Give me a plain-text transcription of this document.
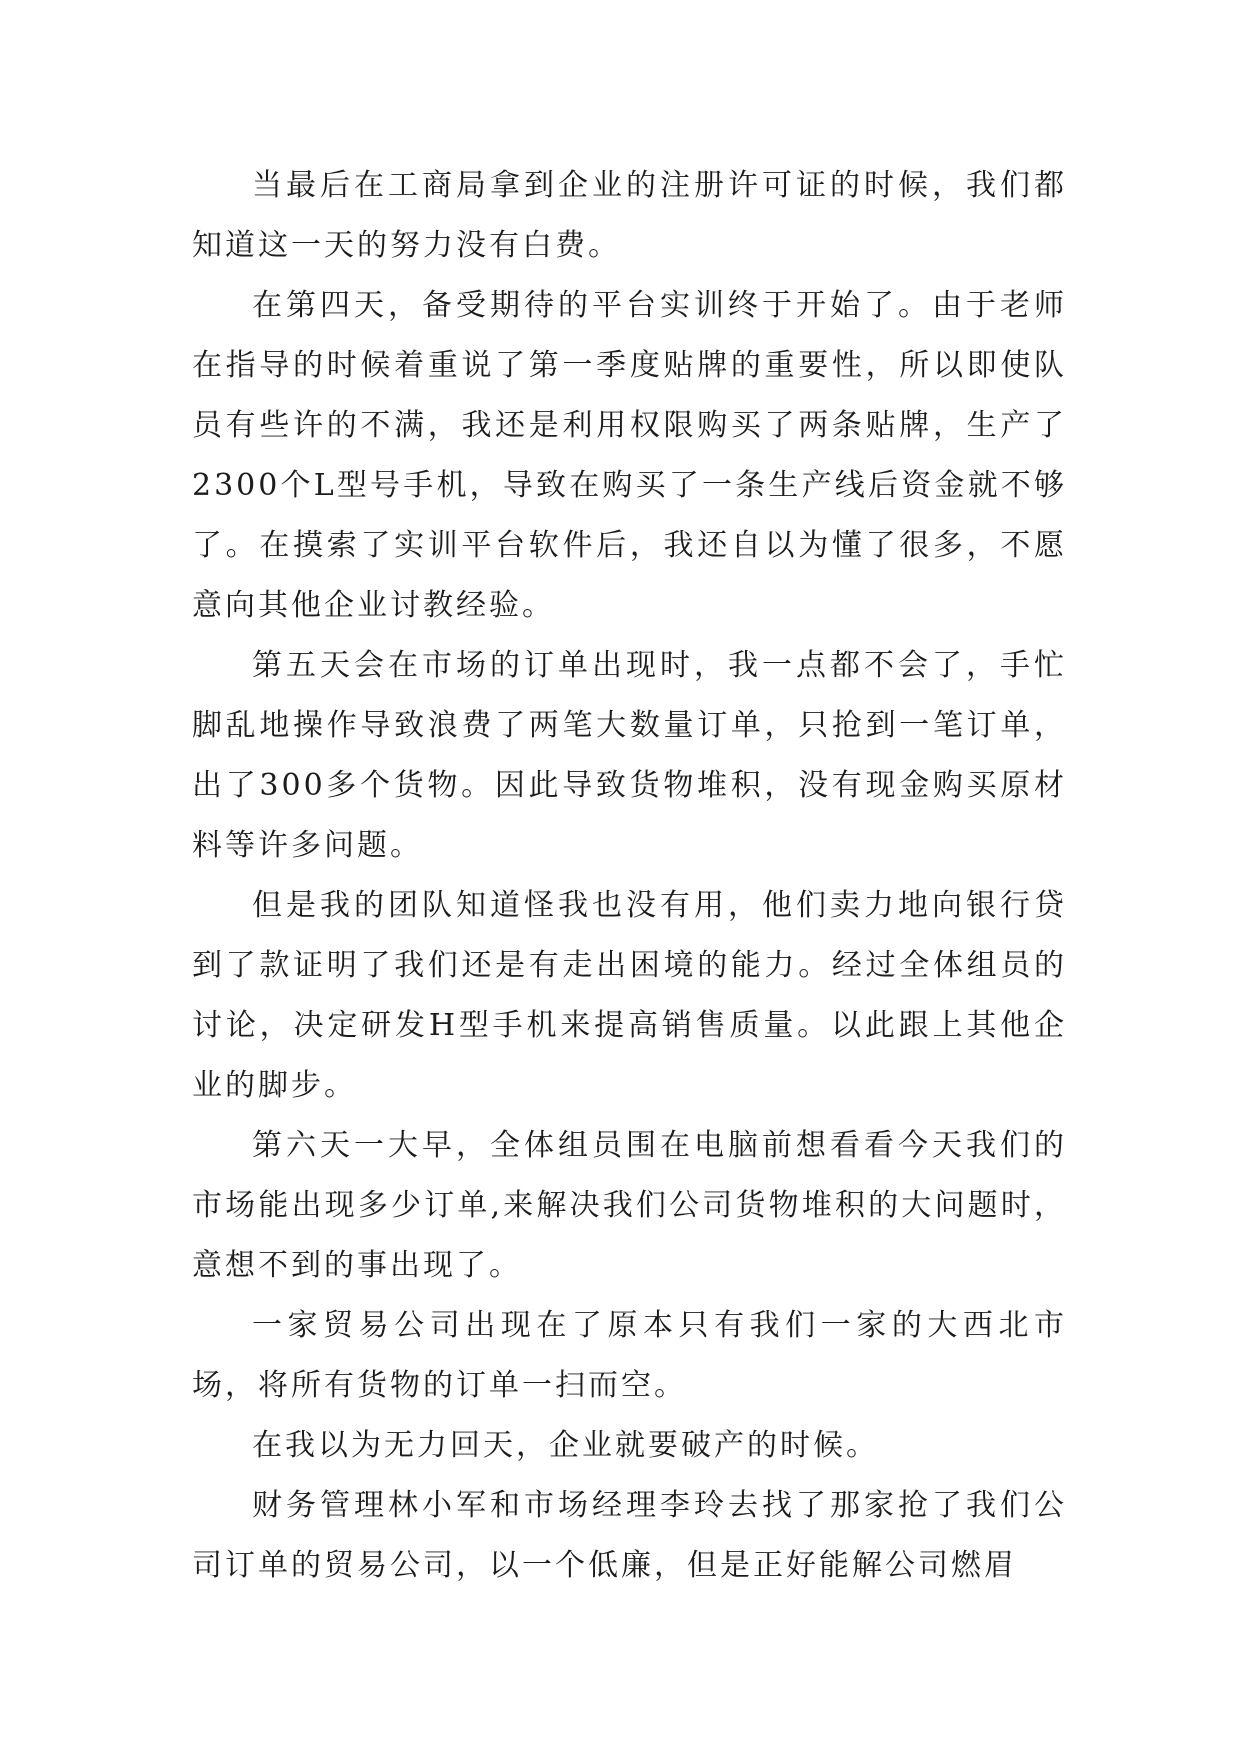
当最后在工商局拿到企业的注册许可证的时候，我们都知道这一天的努力没有白费。

在第四天，备受期待的平台实训终于开始了。由于老师在指导的时候着重说了第一季度贴牌的重要性，所以即使队员有些许的不满，我还是利用权限购买了两条贴牌，生产了2300个L型号手机，导致在购买了一条生产线后资金就不够了。在摸索了实训平台软件后，我还自以为懂了很多，不愿意向其他企业讨教经验。

第五天会在市场的订单出现时，我一点都不会了，手忙脚乱地操作导致浪费了两笔大数量订单，只抢到一笔订单，出了300多个货物。因此导致货物堆积，没有现金购买原材料等许多问题。

但是我的团队知道怪我也没有用，他们卖力地向银行贷到了款证明了我们还是有走出困境的能力。经过全体组员的讨论，决定研发H型手机来提高销售质量。以此跟上其他企业的脚步。

第六天一大早，全体组员围在电脑前想看看今天我们的市场能出现多少订单,来解决我们公司货物堆积的大问题时，意想不到的事出现了。

一家贸易公司出现在了原本只有我们一家的大西北市场，将所有货物的订单一扫而空。

在我以为无力回天，企业就要破产的时候。

财务管理林小军和市场经理李玲去找了那家抢了我们公司订单的贸易公司，以一个低廉，但是正好能解公司燃眉
